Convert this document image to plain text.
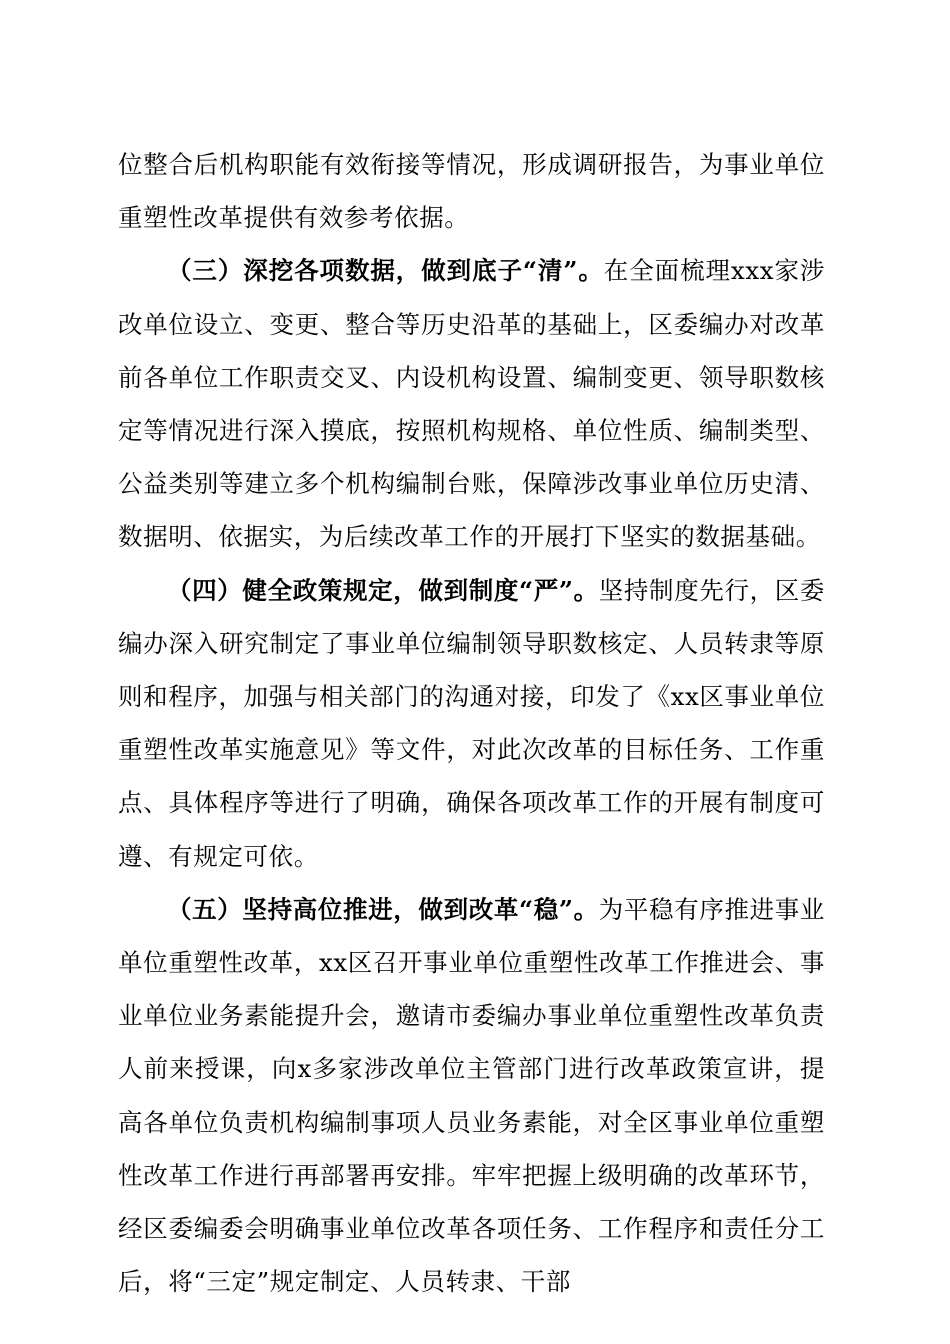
位整合后机构职能有效衔接等情况，形成调研报告，为事业单位重塑性改革提供有效参考依据。

（三）深挖各项数据，做到底子“清”。在全面梳理xxx家涉改单位设立、变更、整合等历史沿革的基础上，区委编办对改革前各单位工作职责交叉、内设机构设置、编制变更、领导职数核定等情况进行深入摸底，按照机构规格、单位性质、编制类型、公益类别等建立多个机构编制台账，保障涉改事业单位历史清、数据明、依据实，为后续改革工作的开展打下坚实的数据基础。

（四）健全政策规定，做到制度“严”。坚持制度先行，区委编办深入研究制定了事业单位编制领导职数核定、人员转隶等原则和程序，加强与相关部门的沟通对接，印发了《xx区事业单位重塑性改革实施意见》等文件，对此次改革的目标任务、工作重点、具体程序等进行了明确，确保各项改革工作的开展有制度可遵、有规定可依。

（五）坚持高位推进，做到改革“稳”。为平稳有序推进事业单位重塑性改革，xx区召开事业单位重塑性改革工作推进会、事业单位业务素能提升会，邀请市委编办事业单位重塑性改革负责人前来授课，向x多家涉改单位主管部门进行改革政策宣讲，提高各单位负责机构编制事项人员业务素能，对全区事业单位重塑性改革工作进行再部署再安排。牢牢把握上级明确的改革环节，经区委编委会明确事业单位改革各项任务、工作程序和责任分工后，将“三定”规定制定、人员转隶、干部
